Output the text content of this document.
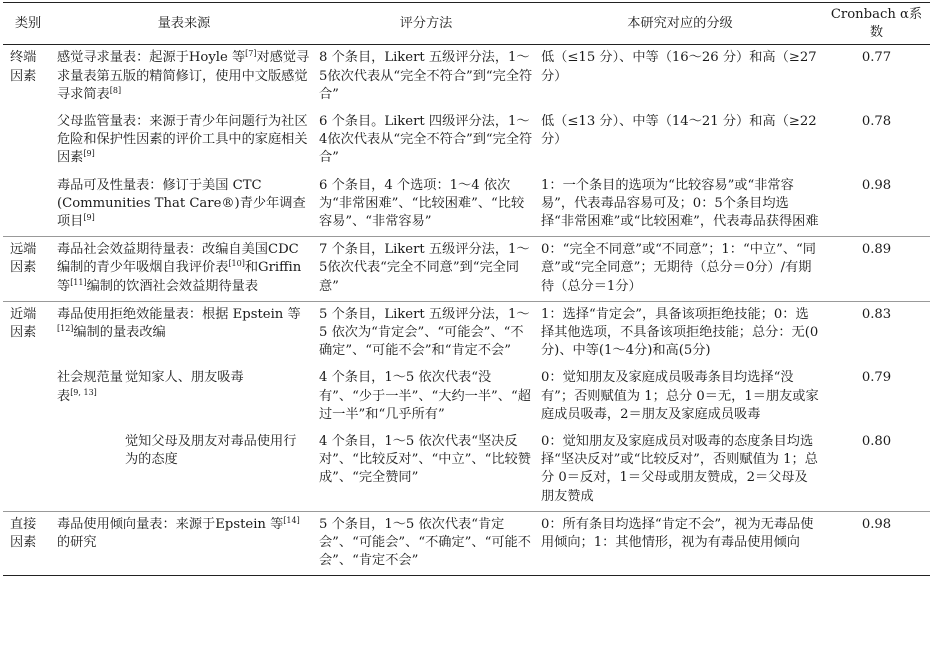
类别	量表来源	评分方法	本研究对应的分级	Cronbach α系数
终端因素	感觉寻求量表：起源于Hoyle 等[7]对感觉寻求量表第五版的精简修订，使用中文版感觉寻求简表[8]	8 个条目，Likert 五级评分法，1～5依次代表从“完全不符合”到“完全符合”	低（≤15 分）、中等（16～26 分）和高（≥27分）	0.77
	父母监管量表：来源于青少年问题行为社区危险和保护性因素的评价工具中的家庭相关因素[9]	6 个条目。Likert 四级评分法，1～4依次代表从“完全不符合”到“完全符合”	低（≤13 分）、中等（14～21 分）和高（≥22分）	0.78
	毒品可及性量表：修订于美国 CTC (Communities That Care®)青少年调查项目[9]	6 个条目，4 个选项：1～4 依次为“非常困难”、“比较困难”、“比较容易”、“非常容易”	1：一个条目的选项为“比较容易”或“非常容易”，代表毒品容易可及；0：5个条目均选择“非常困难”或“比较困难”，代表毒品获得困难	0.98
远端因素	毒品社会效益期待量表：改编自美国CDC编制的青少年吸烟自我评价表[10]和Griffin 等[11]编制的饮酒社会效益期待量表	7 个条目，Likert 五级评分法，1～5依次代表“完全不同意”到“完全同意”	0：“完全不同意”或“不同意”；1：“中立”、“同意”或“完全同意”；无期待（总分＝0分）/有期待（总分＝1分）	0.89
近端因素	毒品使用拒绝效能量表：根据 Epstein 等[12]编制的量表改编	5 个条目，Likert 五级评分法，1～5 依次为“肯定会”、“可能会”、“不确定”、“可能不会”和“肯定不会”	1：选择“肯定会”，具备该项拒绝技能；0：选择其他选项，不具备该项拒绝技能；总分：无(0 分)、中等(1～4分)和高(5分)	0.83
	社会规范量表[9, 13]觉知家人、朋友吸毒	4 个条目，1～5 依次代表“没有”、“少于一半”、“大约一半”、“超过一半”和“几乎所有”	0：觉知朋友及家庭成员吸毒条目均选择“没有”；否则赋值为 1；总分 0＝无，1＝朋友或家庭成员吸毒，2＝朋友及家庭成员吸毒	0.79
	觉知父母及朋友对毒品使用行为的态度	4 个条目，1～5 依次代表“坚决反对”、“比较反对”、“中立”、“比较赞成”、“完全赞同”	0：觉知朋友及家庭成员对吸毒的态度条目均选择“坚决反对”或“比较反对”，否则赋值为 1；总分 0＝反对，1＝父母或朋友赞成，2＝父母及朋友赞成	0.80
直接因素	毒品使用倾向量表：来源于Epstein 等[14]的研究	5 个条目，1～5 依次代表“肯定会”、“可能会”、“不确定”、“可能不会”、“肯定不会”	0：所有条目均选择“肯定不会”，视为无毒品使用倾向；1：其他情形，视为有毒品使用倾向	0.98
